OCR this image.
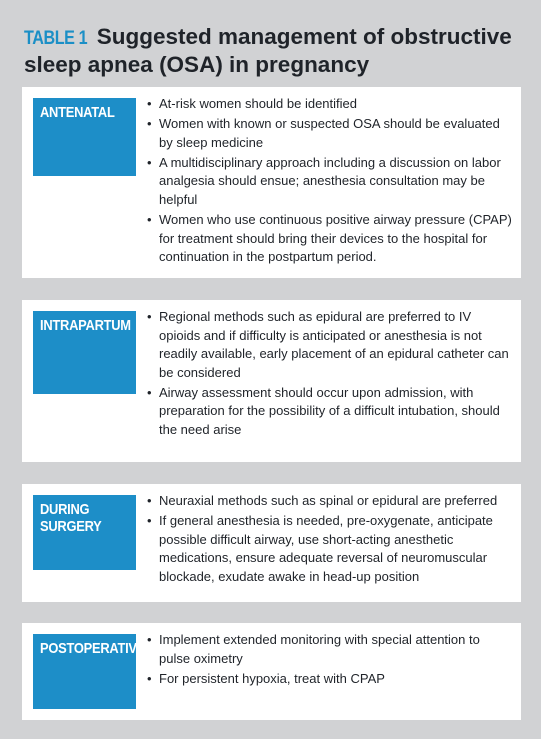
TABLE 1 Suggested management of obstructive sleep apnea (OSA) in pregnancy
ANTENATAL
• At-risk women should be identified
• Women with known or suspected OSA should be evaluated by sleep medicine
• A multidisciplinary approach including a discussion on labor analgesia should ensue; anesthesia consultation may be helpful
• Women who use continuous positive airway pressure (CPAP) for treatment should bring their devices to the hospital for continuation in the postpartum period.
INTRAPARTUM
• Regional methods such as epidural are preferred to IV opioids and if difficulty is anticipated or anesthesia is not readily available, early placement of an epidural catheter can be considered
• Airway assessment should occur upon admission, with preparation for the possibility of a difficult intubation, should the need arise
DURING
SURGERY
• Neuraxial methods such as spinal or epidural are preferred
• If general anesthesia is needed, pre-oxygenate, anticipate possible difficult airway, use short-acting anesthetic medications, ensure adequate reversal of neuromuscular blockade, exudate awake in head-up position
POSTOPERATIVE
• Implement extended monitoring with special attention to pulse oximetry
• For persistent hypoxia, treat with CPAP
